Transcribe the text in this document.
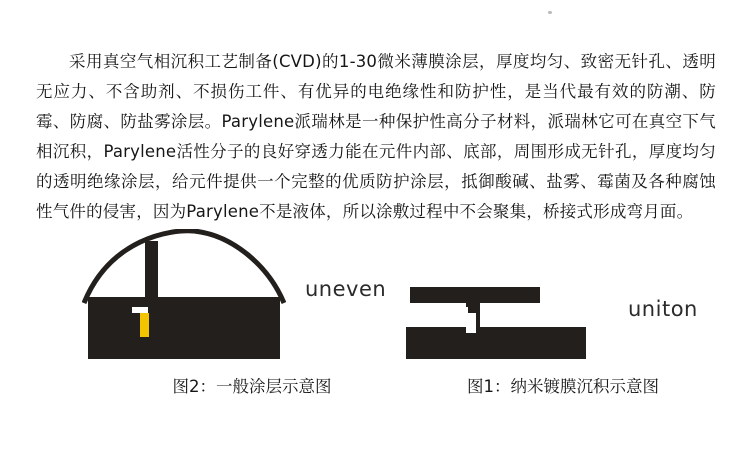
采用真空气相沉积工艺制备(CVD)的1-30微米薄膜涂层，厚度均匀、致密无针孔、透明无应力、不含助剂、不损伤工件、有优异的电绝缘性和防护性，是当代最有效的防潮、防霉、防腐、防盐雾涂层。Parylene派瑞林是一种保护性高分子材料，派瑞林它可在真空下气相沉积，Parylene活性分子的良好穿透力能在元件内部、底部，周围形成无针孔，厚度均匀的透明绝缘涂层，给元件提供一个完整的优质防护涂层，抵御酸碱、盐雾、霉菌及各种腐蚀性气件的侵害，因为Parylene不是液体，所以涂敷过程中不会聚集，桥接式形成弯月面。

uneven
图2：一般涂层示意图
uniton
图1：纳米镀膜沉积示意图
